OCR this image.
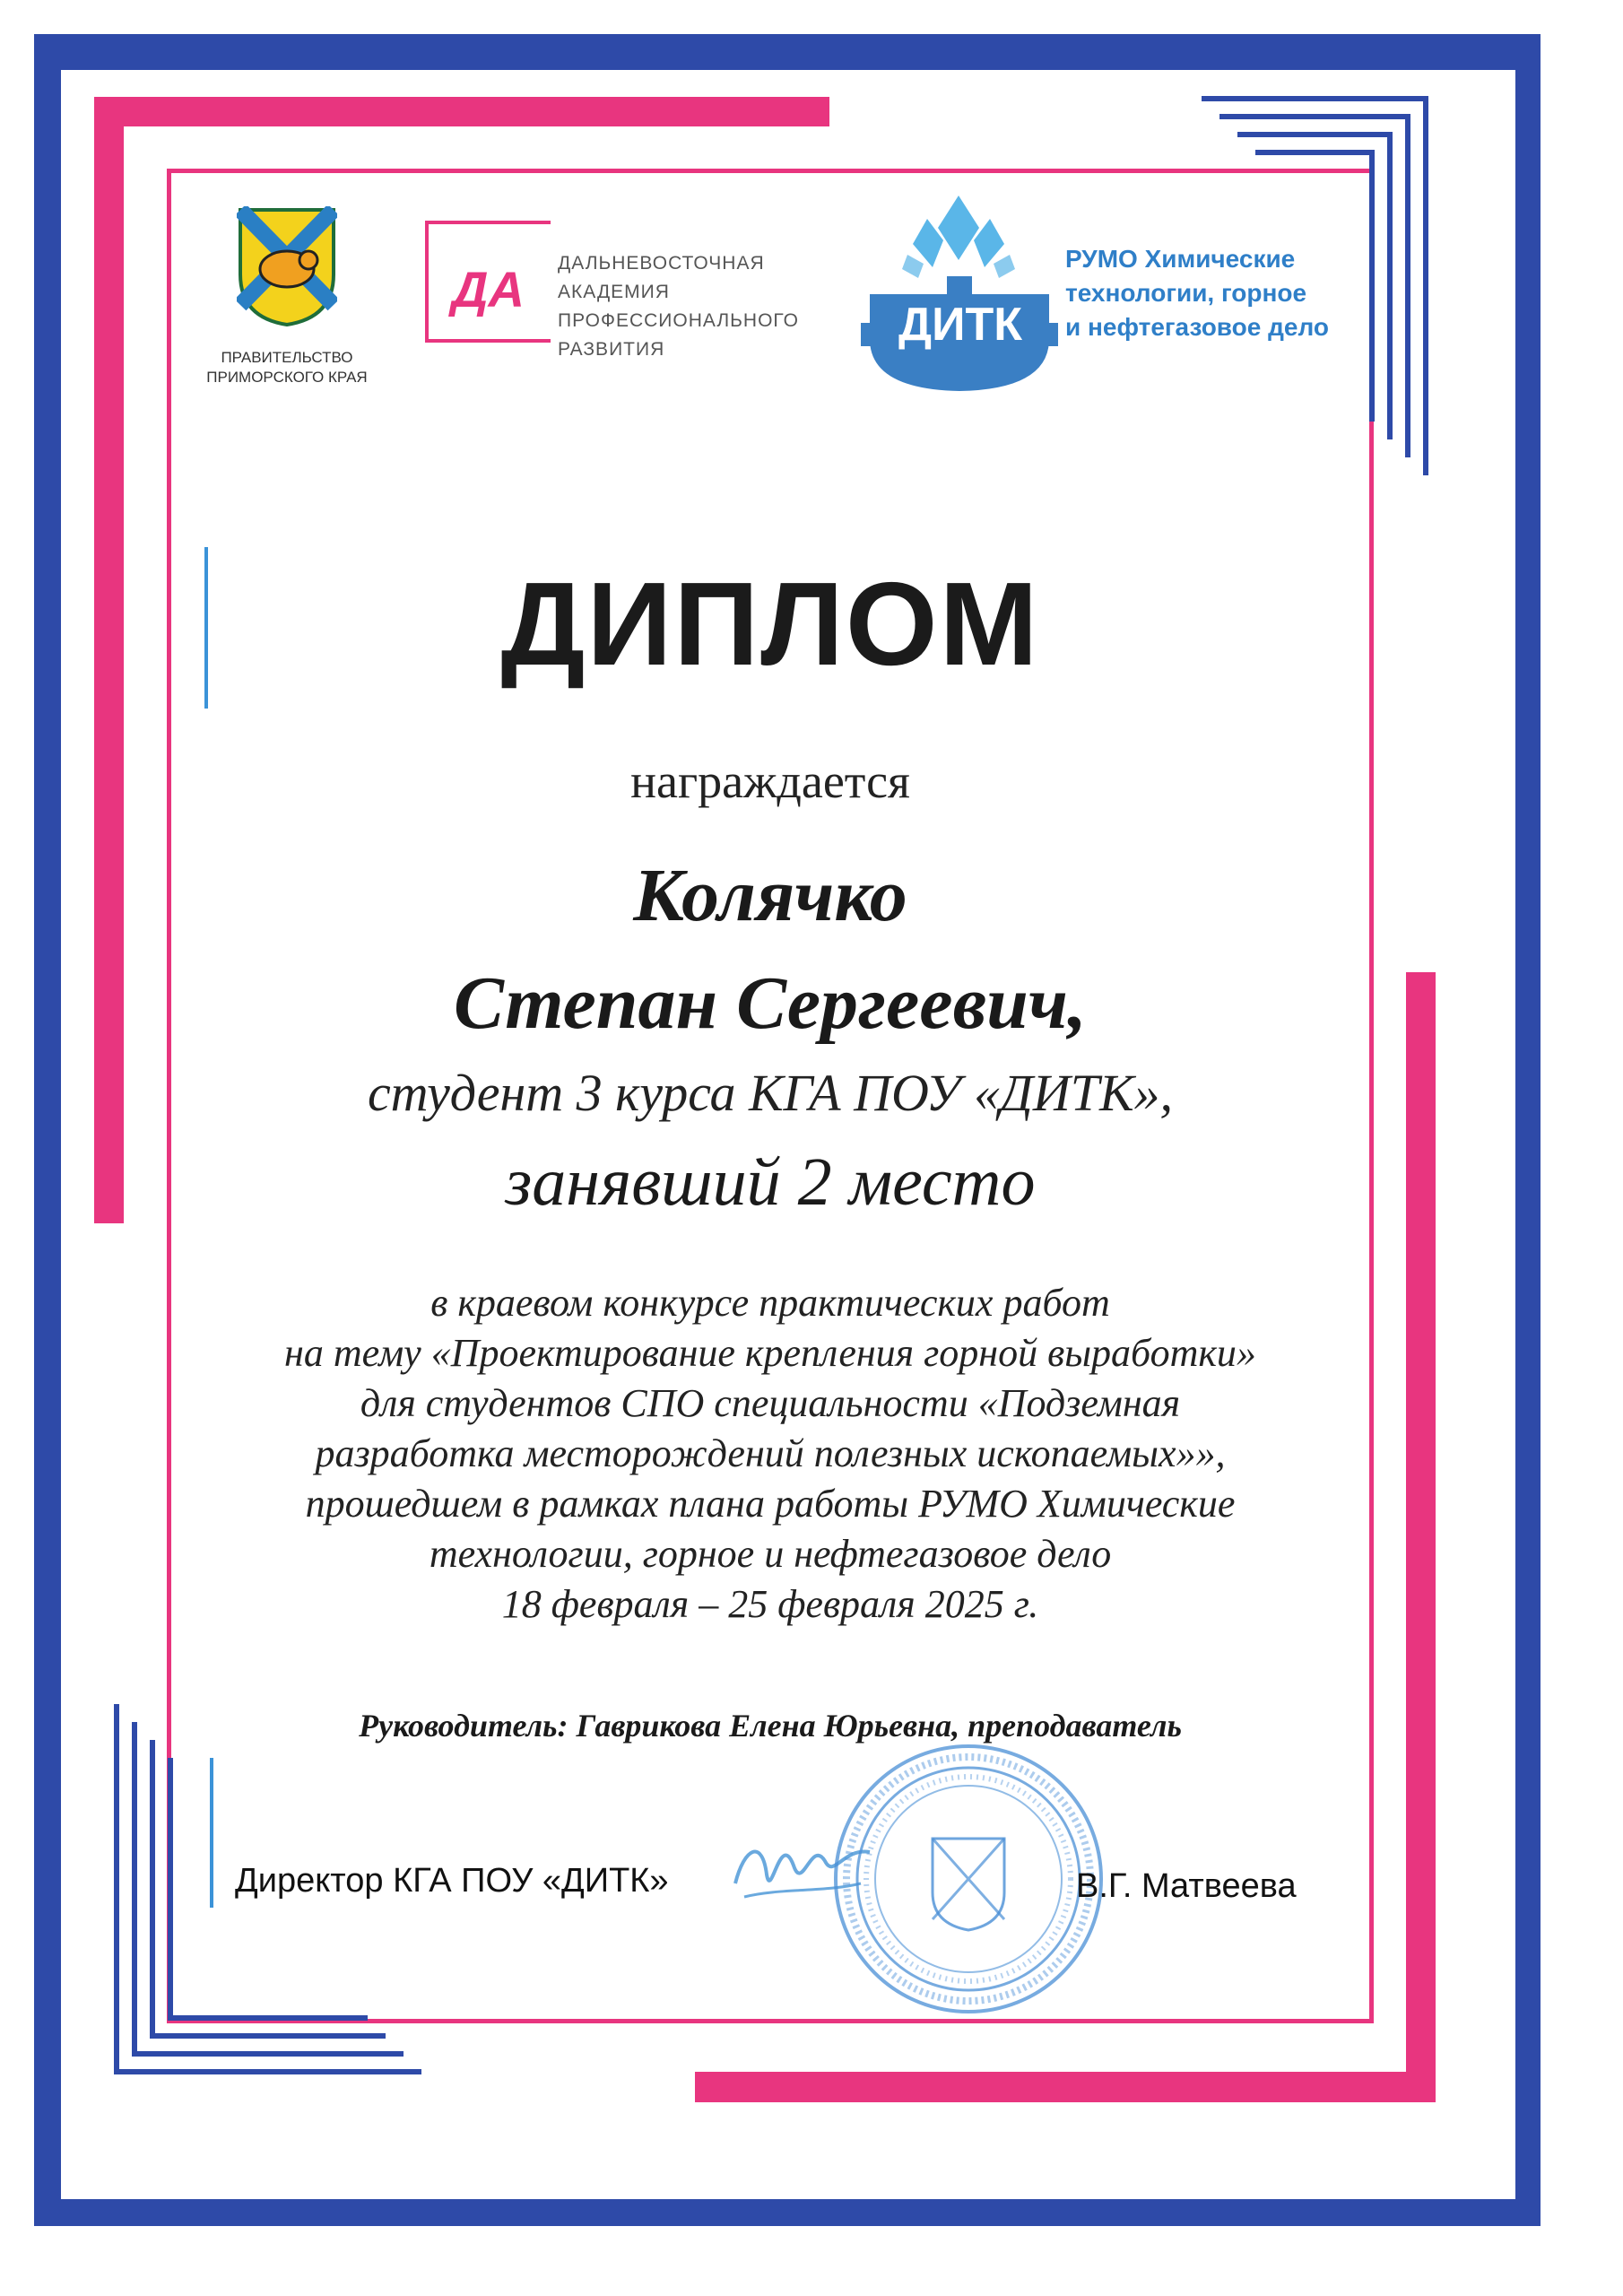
ПРАВИТЕЛЬСТВО
ПРИМОРСКОГО КРАЯ
ДА ДАЛЬНЕВОСТОЧНАЯ
АКАДЕМИЯ
ПРОФЕССИОНАЛЬНОГО
РАЗВИТИЯ	ДИТК
РУМО Химические
технологии, горное
и нефтегазовое дело
ДИПЛОМ
награждается
Колячко
Степан Сергеевич,
студент 3 курса КГА ПОУ «ДИТК»,
занявший 2 место
в краевом конкурсе практических работ
на тему «Проектирование крепления горной выработки»
для студентов СПО специальности «Подземная
разработка месторождений полезных ископаемых»»,
прошедшем в рамках плана работы РУМО Химические
технологии, горное и нефтегазовое дело
18 февраля – 25 февраля 2025 г.
Руководитель: Гаврикова Елена Юрьевна, преподаватель
Директор КГА ПОУ «ДИТК»	В.Г. Матвеева
